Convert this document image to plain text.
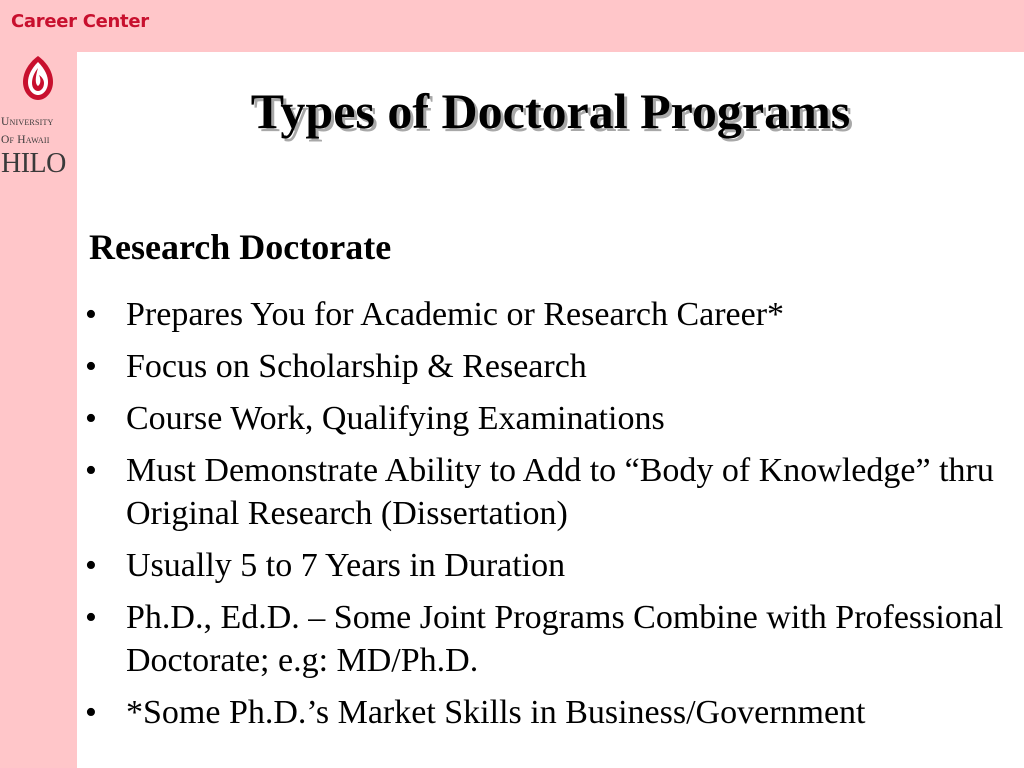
Career Center
University
Of Hawaii
HILO
Types of Doctoral Programs
Research Doctorate
• Prepares You for Academic or Research Career*
• Focus on Scholarship & Research
• Course Work, Qualifying Examinations
• Must Demonstrate Ability to Add to “Body of Knowledge” thru Original Research (Dissertation)
• Usually 5 to 7 Years in Duration
• Ph.D., Ed.D. – Some Joint Programs Combine with Professional Doctorate; e.g: MD/Ph.D.
• *Some Ph.D.’s Market Skills in Business/Government
